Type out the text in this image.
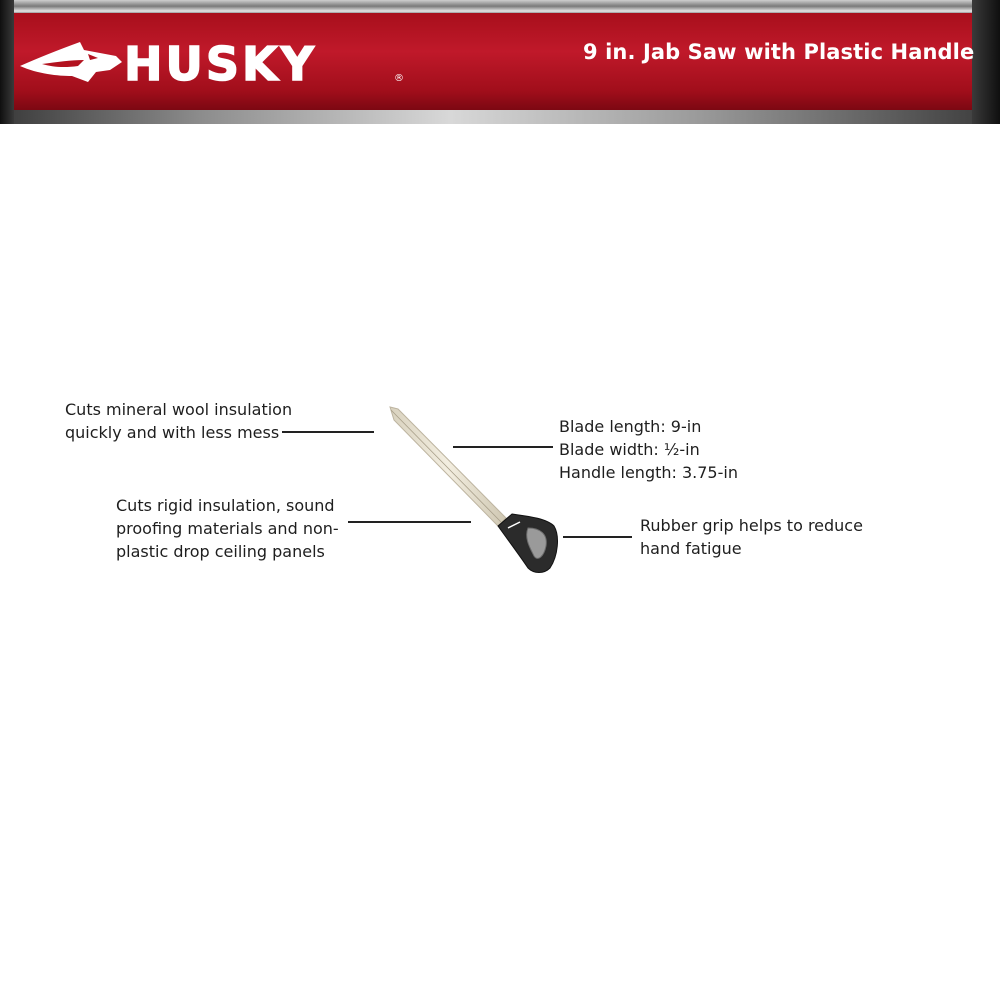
HUSKY	®
9 in. Jab Saw with Plastic Handle
Cuts mineral wool insulation
quickly and with less mess
Cuts rigid insulation, sound
proofing materials and non-
plastic drop ceiling panels
Blade length: 9-in
Blade width: ½-in
Handle length: 3.75-in
Rubber grip helps to reduce
hand fatigue
